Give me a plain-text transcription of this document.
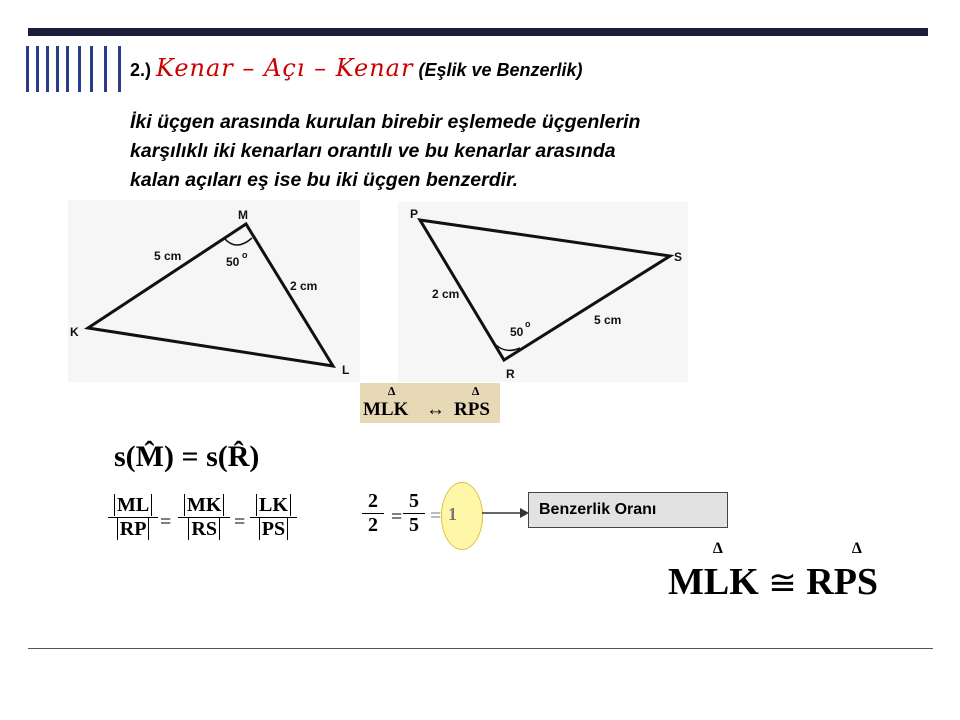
2.) Kenar – Açı – Kenar (Eşlik ve Benzerlik)
İki üçgen arasında kurulan birebir eşlemede üçgenlerin
karşılıklı iki kenarları orantılı ve bu kenarlar arasında
kalan açıları eş ise bu iki üçgen benzerdir.
M
K
L
5 cm
2 cm
50 o
P
S
R
2 cm
5 cm
50
o
∆	∆
MLK ↔ RPS
s(M̂) = s(R̂)
$\frac{ML}{RP} = \frac{MK}{RS} = \frac{LK}{PS}$	$\frac{2}{2} = \frac{5}{5} = 1$	Benzerlik Oranı
∆	∆
MLK ≅ RPS
